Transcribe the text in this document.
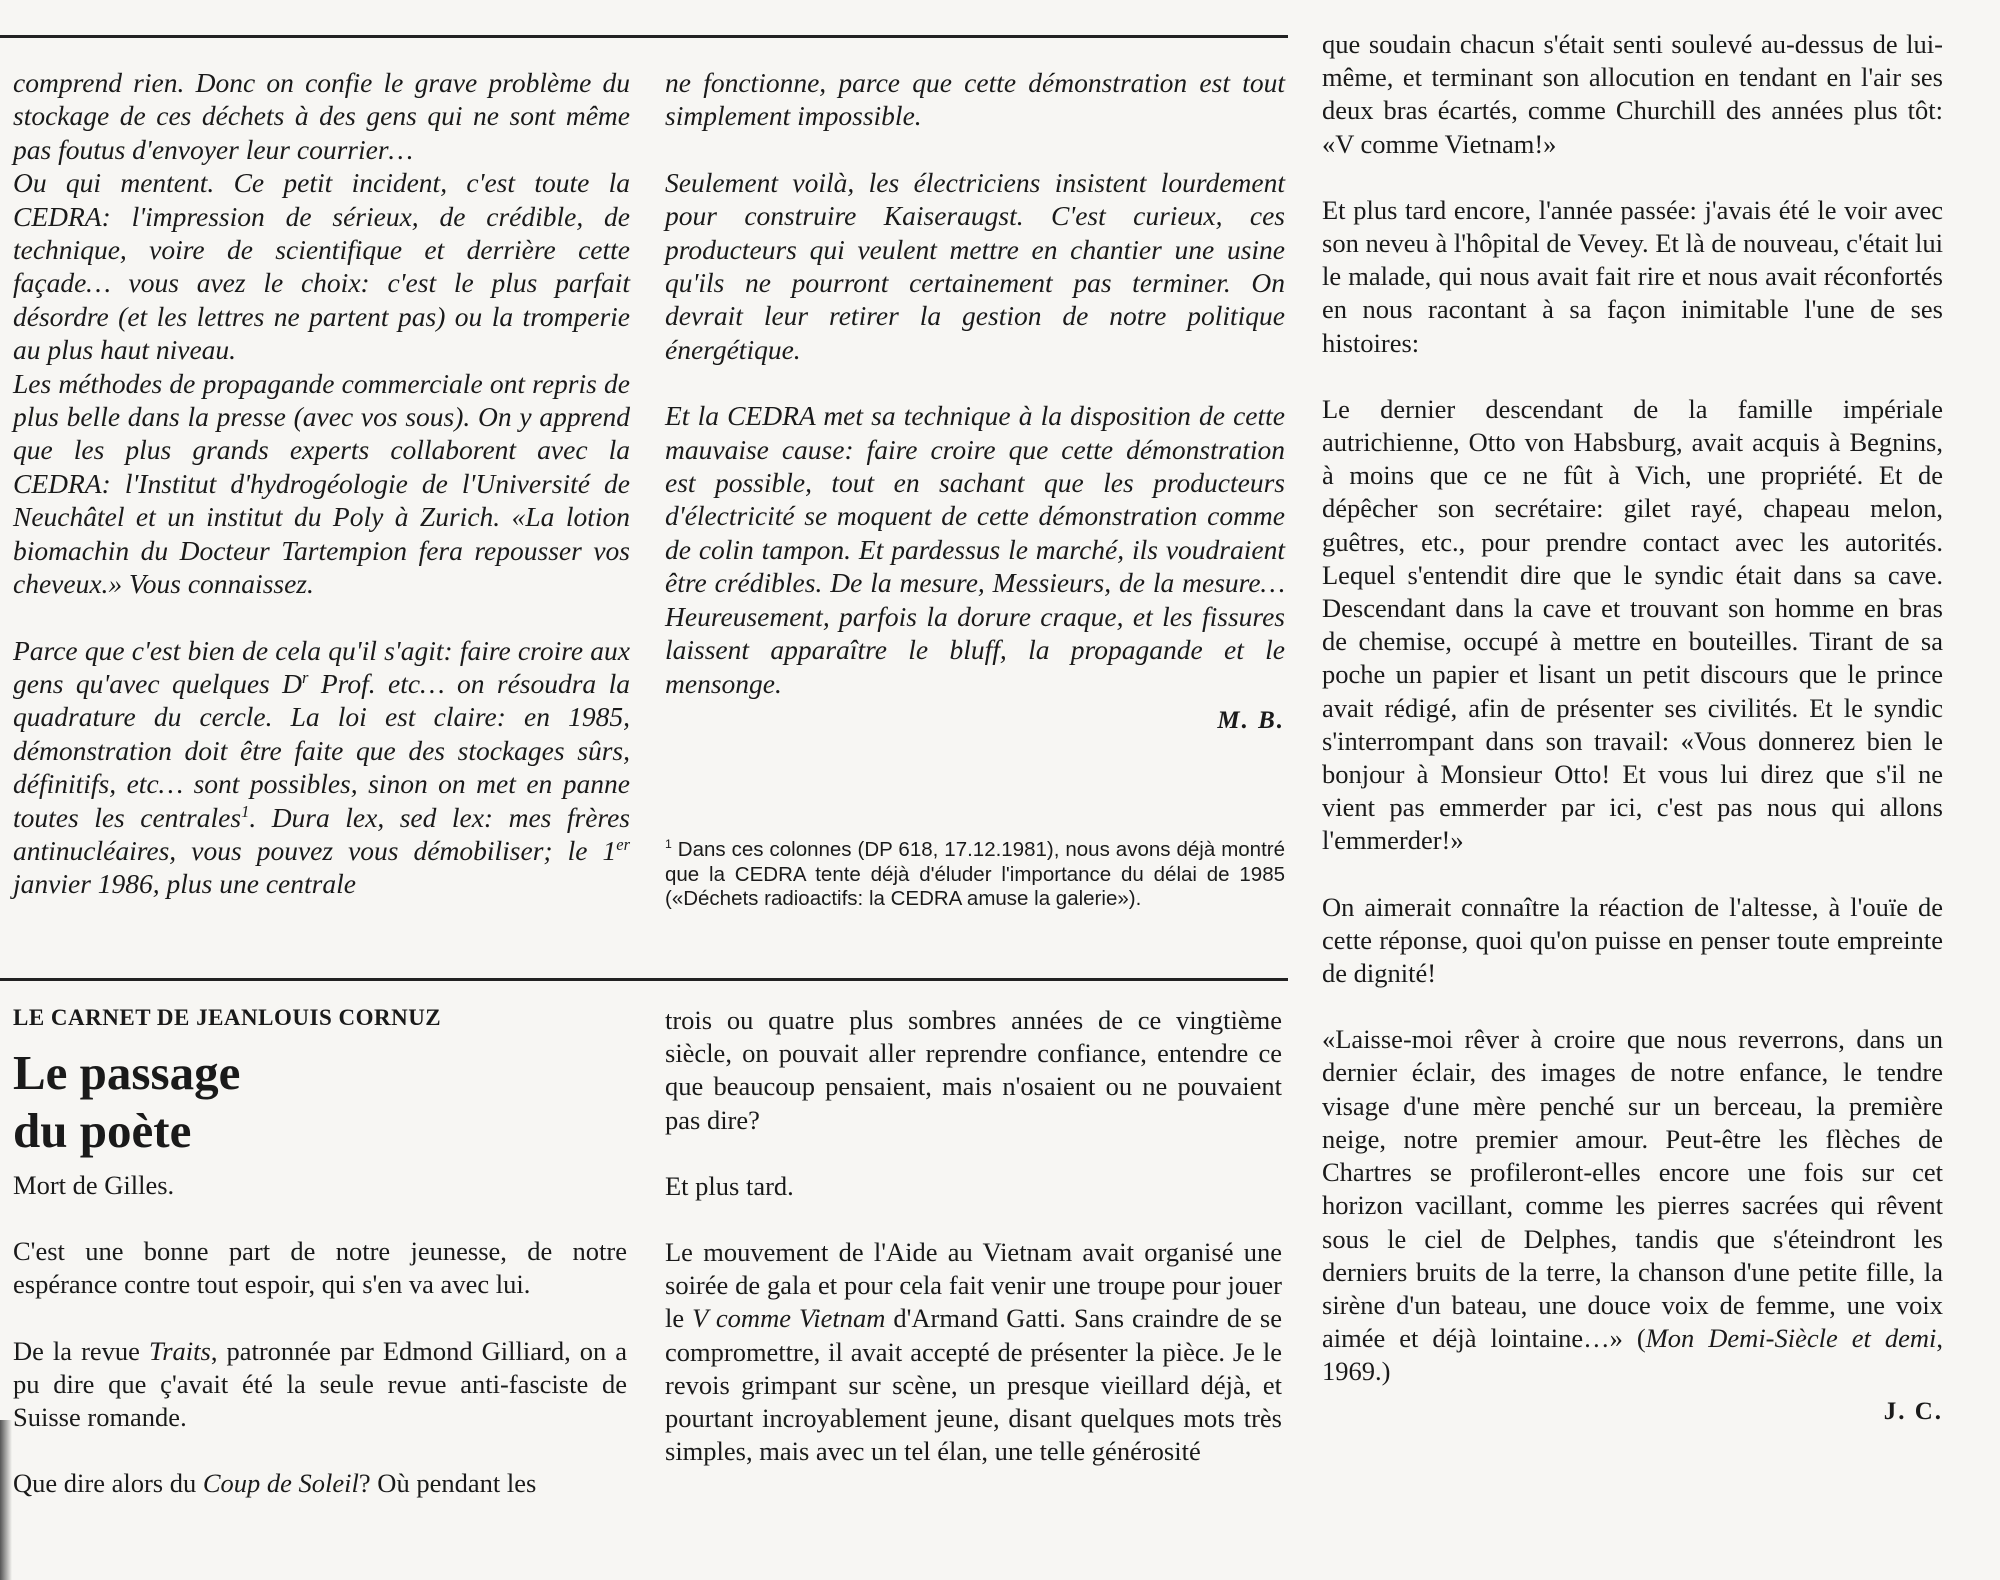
comprend rien. Donc on confie le grave problème du stockage de ces déchets à des gens qui ne sont même pas foutus d'envoyer leur courrier…

Ou qui mentent. Ce petit incident, c'est toute la CEDRA: l'impression de sérieux, de crédible, de technique, voire de scientifique et derrière cette façade… vous avez le choix: c'est le plus parfait désordre (et les lettres ne partent pas) ou la tromperie au plus haut niveau.

Les méthodes de propagande commerciale ont repris de plus belle dans la presse (avec vos sous). On y apprend que les plus grands experts collaborent avec la CEDRA: l'Institut d'hydrogéologie de l'Université de Neuchâtel et un institut du Poly à Zurich. «La lotion biomachin du Docteur Tartempion fera repousser vos cheveux.» Vous connaissez.

Parce que c'est bien de cela qu'il s'agit: faire croire aux gens qu'avec quelques $D^r$ Prof. etc… on résoudra la quadrature du cercle. La loi est claire: en 1985, démonstration doit être faite que des stockages sûrs, définitifs, etc… sont possibles, sinon on met en panne toutes les centrales$^1$. Dura lex, sed lex: mes frères antinucléaires, vous pouvez vous démobiliser; le 1er janvier 1986, plus une centrale

ne fonctionne, parce que cette démonstration est tout simplement impossible.

Seulement voilà, les électriciens insistent lourdement pour construire Kaiseraugst. C'est curieux, ces producteurs qui veulent mettre en chantier une usine qu'ils ne pourront certainement pas terminer. On devrait leur retirer la gestion de notre politique énergétique.

Et la CEDRA met sa technique à la disposition de cette mauvaise cause: faire croire que cette démonstration est possible, tout en sachant que les producteurs d'électricité se moquent de cette démonstration comme de colin tampon. Et pardessus le marché, ils voudraient être crédibles. De la mesure, Messieurs, de la mesure… Heureusement, parfois la dorure craque, et les fissures laissent apparaître le bluff, la propagande et le mensonge.

M. B.

$^1$ Dans ces colonnes (DP 618, 17.12.1981), nous avons déjà montré que la CEDRA tente déjà d'éluder l'importance du délai de 1985 («Déchets radioactifs: la CEDRA amuse la galerie»).
LE CARNET DE JEANLOUIS CORNUZ
Le passage
du poète

Mort de Gilles.

C'est une bonne part de notre jeunesse, de notre espérance contre tout espoir, qui s'en va avec lui.

De la revue Traits, patronnée par Edmond Gilliard, on a pu dire que ç'avait été la seule revue anti-fasciste de Suisse romande.

Que dire alors du Coup de Soleil? Où pendant les

trois ou quatre plus sombres années de ce vingtième siècle, on pouvait aller reprendre confiance, entendre ce que beaucoup pensaient, mais n'osaient ou ne pouvaient pas dire?

Et plus tard.

Le mouvement de l'Aide au Vietnam avait organisé une soirée de gala et pour cela fait venir une troupe pour jouer le V comme Vietnam d'Armand Gatti. Sans craindre de se compromettre, il avait accepté de présenter la pièce. Je le revois grimpant sur scène, un presque vieillard déjà, et pourtant incroyablement jeune, disant quelques mots très simples, mais avec un tel élan, une telle générosité

que soudain chacun s'était senti soulevé au-dessus de lui-même, et terminant son allocution en tendant en l'air ses deux bras écartés, comme Churchill des années plus tôt: «V comme Vietnam!»

Et plus tard encore, l'année passée: j'avais été le voir avec son neveu à l'hôpital de Vevey. Et là de nouveau, c'était lui le malade, qui nous avait fait rire et nous avait réconfortés en nous racontant à sa façon inimitable l'une de ses histoires:

Le dernier descendant de la famille impériale autrichienne, Otto von Habsburg, avait acquis à Begnins, à moins que ce ne fût à Vich, une propriété. Et de dépêcher son secrétaire: gilet rayé, chapeau melon, guêtres, etc., pour prendre contact avec les autorités. Lequel s'entendit dire que le syndic était dans sa cave. Descendant dans la cave et trouvant son homme en bras de chemise, occupé à mettre en bouteilles. Tirant de sa poche un papier et lisant un petit discours que le prince avait rédigé, afin de présenter ses civilités. Et le syndic s'interrompant dans son travail: «Vous donnerez bien le bonjour à Monsieur Otto! Et vous lui direz que s'il ne vient pas emmerder par ici, c'est pas nous qui allons l'emmerder!»

On aimerait connaître la réaction de l'altesse, à l'ouïe de cette réponse, quoi qu'on puisse en penser toute empreinte de dignité!

«Laisse-moi rêver à croire que nous reverrons, dans un dernier éclair, des images de notre enfance, le tendre visage d'une mère penché sur un berceau, la première neige, notre premier amour. Peut-être les flèches de Chartres se profileront-elles encore une fois sur cet horizon vacillant, comme les pierres sacrées qui rêvent sous le ciel de Delphes, tandis que s'éteindront les derniers bruits de la terre, la chanson d'une petite fille, la sirène d'un bateau, une douce voix de femme, une voix aimée et déjà lointaine…» (Mon Demi-Siècle et demi, 1969.)

J. C.
